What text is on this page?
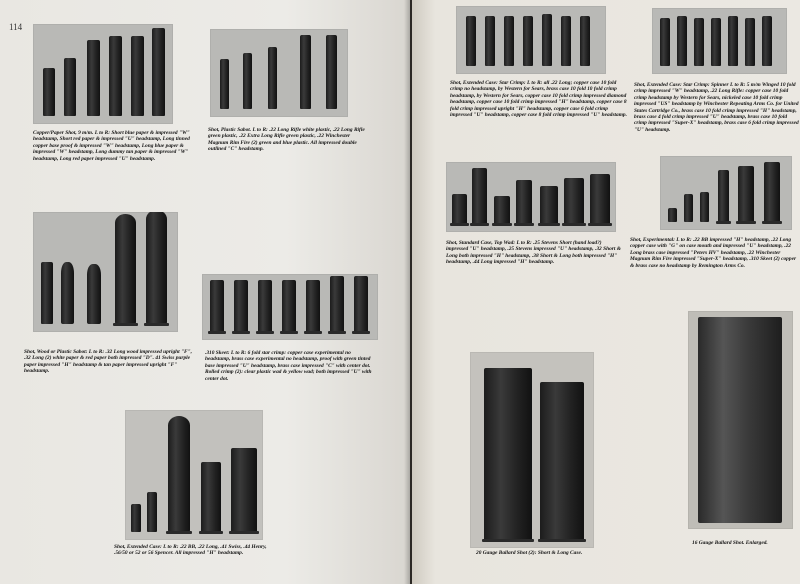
114
Copper/Paper Shot, 9 m/m. L to R: Short blue paper & impressed "W" headstamp, Short red paper & impressed "U" headstamp, Long tinned copper base proof & impressed "W" headstamp, Long blue paper & impressed "W" headstamp, Long dummy tan paper & impressed "W" headstamp, Long red paper impressed "U" headstamp.
Shot, Plastic Sabot. L to R: .22 Long Rifle white plastic, .22 Long Rifle green plastic, .22 Extra Long Rifle green plastic, .22 Winchester Magnum Rim Fire (2) green and blue plastic. All impressed double outlined "C" headstamp.
Shot, Wood or Plastic Sabot: L to R: .32 Long wood impressed upright "F", .32 Long (2) white paper & red paper both impressed "D". 41 Swiss purple paper impressed "H" headstamp & tan paper impressed upright "F" headstamp.
.310 Skeet: L to R: 6 fold star crimp: copper case experimental no headstamp, brass case experimental no headstamp, proof with green tinted base impressed "U" headstamp, brass case impressed "C" with center dot. Rolled crimp (2): clear plastic wad & yellow wad; both impressed "U" with center dot.
Shot, Extended Case: L to R: .22 BB, .22 Long, .41 Swiss, .44 Henry, .56/50 or 52 or 56 Spencer. All impressed "H" headstamp.
Shot, Extended Case: Star Crimp: L to R: all .22 Long; copper case 10 fold crimp no headstamp, by Western for Sears, brass case 10 fold 10 fold crimp headstamp, by Western for Sears, copper case 10 fold crimp impressed diamond headstamp, copper case 10 fold crimp impressed "H" headstamp, copper case 8 fold crimp impressed upright "H" headstamp, copper case 6 fold crimp impressed "U" headstamp, copper case 8 fold crimp impressed "U" headstamp.
Shot, Extended Case: Star Crimp: Spinner L to R: 5 m/m Winged 10 fold crimp impressed "W" headstamp, .22 Long Rifle: copper case 10 fold crimp headstamp by Western for Sears, nickeled case 10 fold crimp impressed "US" headstamp by Winchester Repeating Arms Co. for United States Cartridge Co., brass case 10 fold crimp impressed "H" headstamp, brass case 4 fold crimp impressed "U" headstamp, brass case 10 fold crimp impressed "Super-X" headstamp, brass case 6 fold crimp impressed "U" headstamp.
Shot, Standard Case, Top Wad: L to R: .25 Stevens Short (hand load?) impressed "U" headstamp, .25 Stevens impressed "U" headstamp, .32 Short & Long both impressed "H" headstamp, .38 Short & Long both impressed "H" headstamp, .44 Long impressed "H" headstamp.
Shot, Experimental: L to R: .22 BB impressed "H" headstamp, .22 Long copper case with "G" on case mouth and impressed "U" headstamp, .22 Long brass case impressed "Peters HV" headstamp, .22 Winchester Magnum Rim Fire impressed "Super-X" headstamp, .310 Skeet (2) copper & brass case no headstamp by Remington Arms Co.
20 Gauge Ballard Shot (2): Short & Long Case.
16 Gauge Ballard Shot. Enlarged.
